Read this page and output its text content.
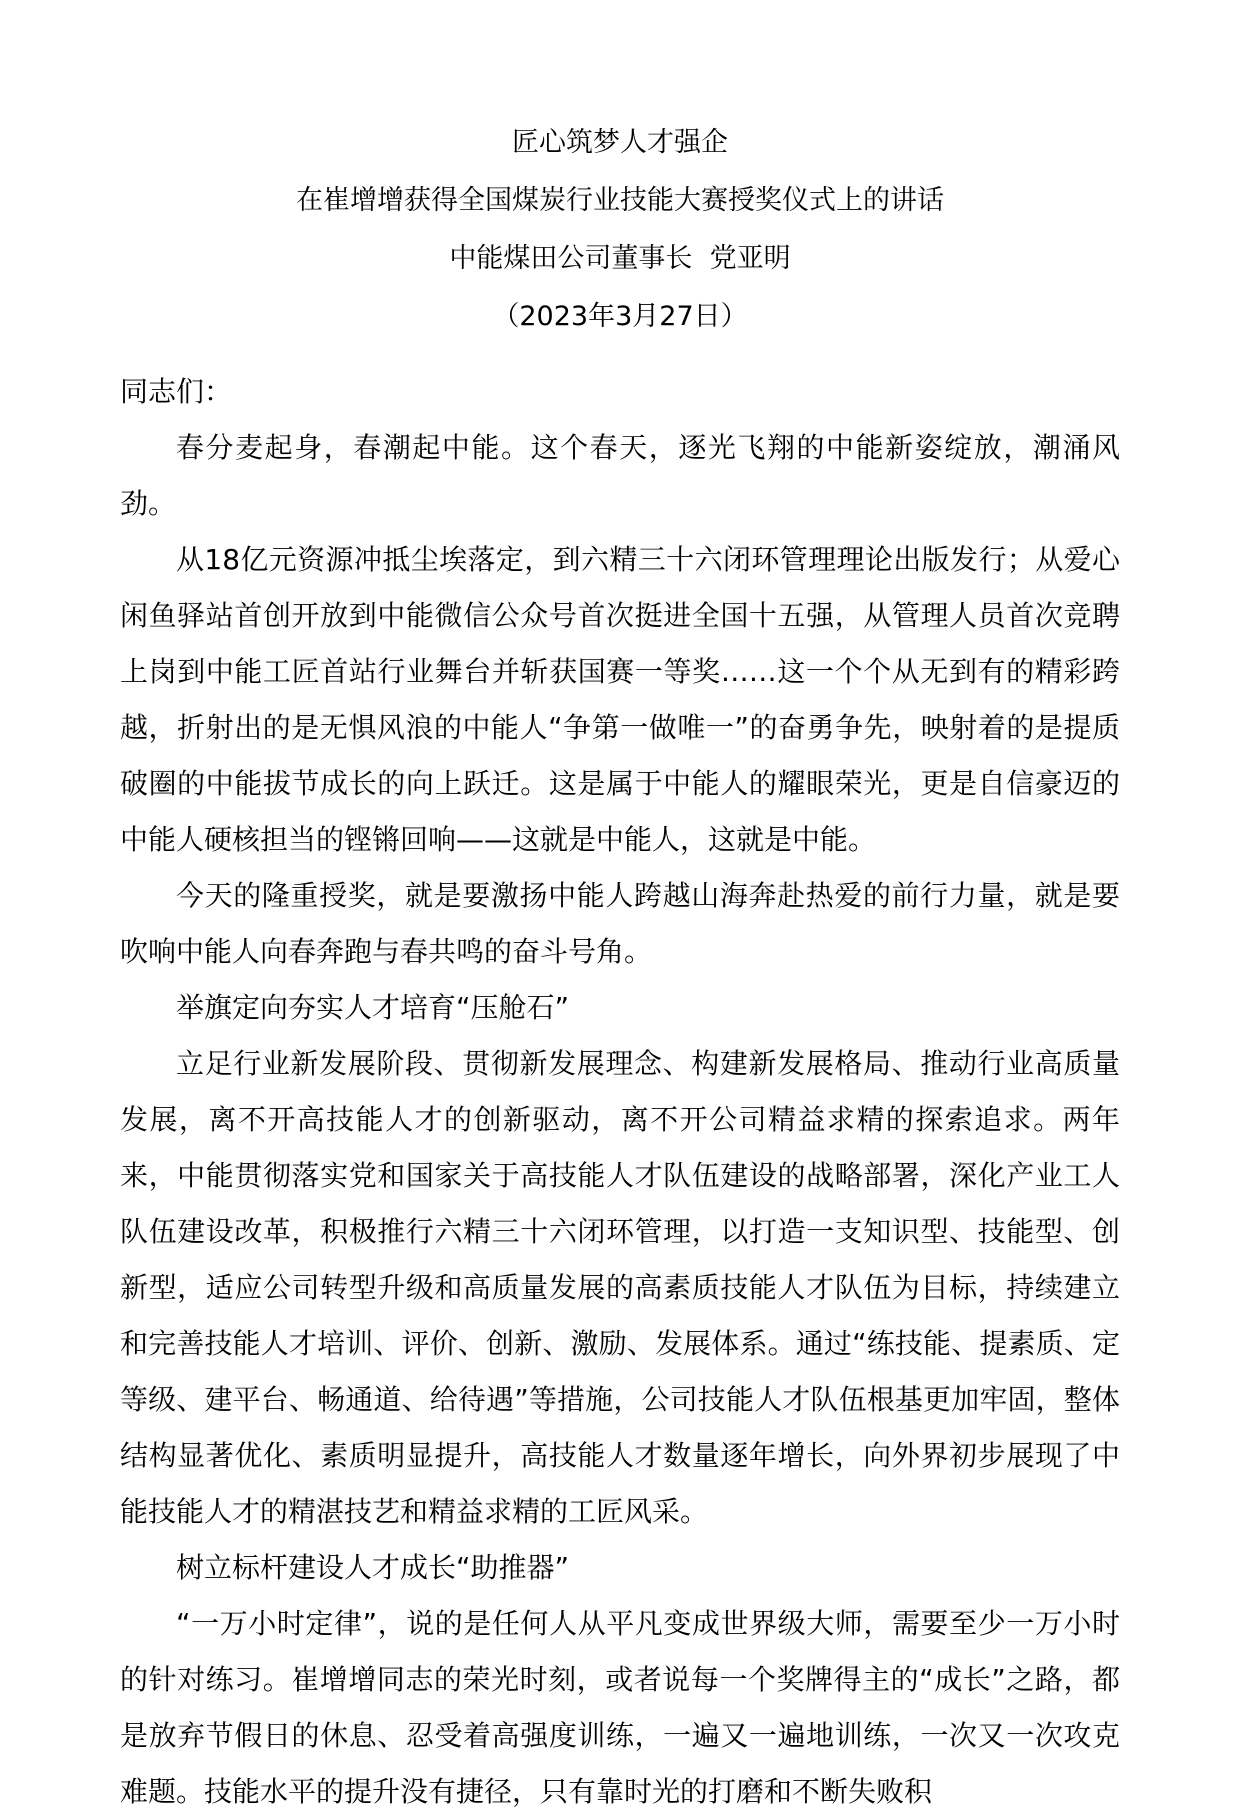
匠心筑梦人才强企
在崔增增获得全国煤炭行业技能大赛授奖仪式上的讲话
中能煤田公司董事长  党亚明
（2023年3月27日）

同志们：

春分麦起身，春潮起中能。这个春天，逐光飞翔的中能新姿绽放，潮涌风劲。

从18亿元资源冲抵尘埃落定，到六精三十六闭环管理理论出版发行；从爱心闲鱼驿站首创开放到中能微信公众号首次挺进全国十五强，从管理人员首次竞聘上岗到中能工匠首站行业舞台并斩获国赛一等奖……这一个个从无到有的精彩跨越，折射出的是无惧风浪的中能人“争第一做唯一”的奋勇争先，映射着的是提质破圈的中能拔节成长的向上跃迁。这是属于中能人的耀眼荣光，更是自信豪迈的中能人硬核担当的铿锵回响——这就是中能人，这就是中能。

今天的隆重授奖，就是要激扬中能人跨越山海奔赴热爱的前行力量，就是要吹响中能人向春奔跑与春共鸣的奋斗号角。

举旗定向夯实人才培育“压舱石”

立足行业新发展阶段、贯彻新发展理念、构建新发展格局、推动行业高质量发展，离不开高技能人才的创新驱动，离不开公司精益求精的探索追求。两年来，中能贯彻落实党和国家关于高技能人才队伍建设的战略部署，深化产业工人队伍建设改革，积极推行六精三十六闭环管理，以打造一支知识型、技能型、创新型，适应公司转型升级和高质量发展的高素质技能人才队伍为目标，持续建立和完善技能人才培训、评价、创新、激励、发展体系。通过“练技能、提素质、定等级、建平台、畅通道、给待遇”等措施，公司技能人才队伍根基更加牢固，整体结构显著优化、素质明显提升，高技能人才数量逐年增长，向外界初步展现了中能技能人才的精湛技艺和精益求精的工匠风采。

树立标杆建设人才成长“助推器”

“一万小时定律”，说的是任何人从平凡变成世界级大师，需要至少一万小时的针对练习。崔增增同志的荣光时刻，或者说每一个奖牌得主的“成长”之路，都是放弃节假日的休息、忍受着高强度训练，一遍又一遍地训练，一次又一次攻克难题。技能水平的提升没有捷径，只有靠时光的打磨和不断失败积
